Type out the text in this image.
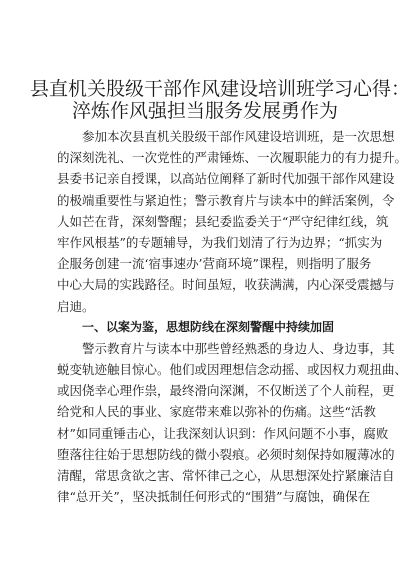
县直机关股级干部作风建设培训班学习心得：
淬炼作风强担当服务发展勇作为
参加本次县直机关股级干部作风建设培训班，是一次思想
的深刻洗礼、一次党性的严肃锤炼、一次履职能力的有力提升。
县委书记亲自授课，以高站位阐释了新时代加强干部作风建设
的极端重要性与紧迫性；警示教育片与读本中的鲜活案例，令
人如芒在背，深刻警醒；县纪委监委关于“严守纪律红线，筑
牢作风根基”的专题辅导，为我们划清了行为边界；“抓实为
企服务创建一流‘宿事速办’营商环境”课程，则指明了服务
中心大局的实践路径。时间虽短，收获满满，内心深受震撼与
启迪。
一、以案为鉴，思想防线在深刻警醒中持续加固
警示教育片与读本中那些曾经熟悉的身边人、身边事，其
蜕变轨迹触目惊心。他们或因理想信念动摇、或因权力观扭曲、
或因侥幸心理作祟，最终滑向深渊，不仅断送了个人前程，更
给党和人民的事业、家庭带来难以弥补的伤痛。这些“活教
材”如同重锤击心，让我深刻认识到：作风问题不小事，腐败
堕落往往始于思想防线的微小裂痕。必须时刻保持如履薄冰的
清醒，常思贪欲之害、常怀律己之心，从思想深处拧紧廉洁自
律“总开关”，坚决抵制任何形式的“围猎”与腐蚀，确保在
